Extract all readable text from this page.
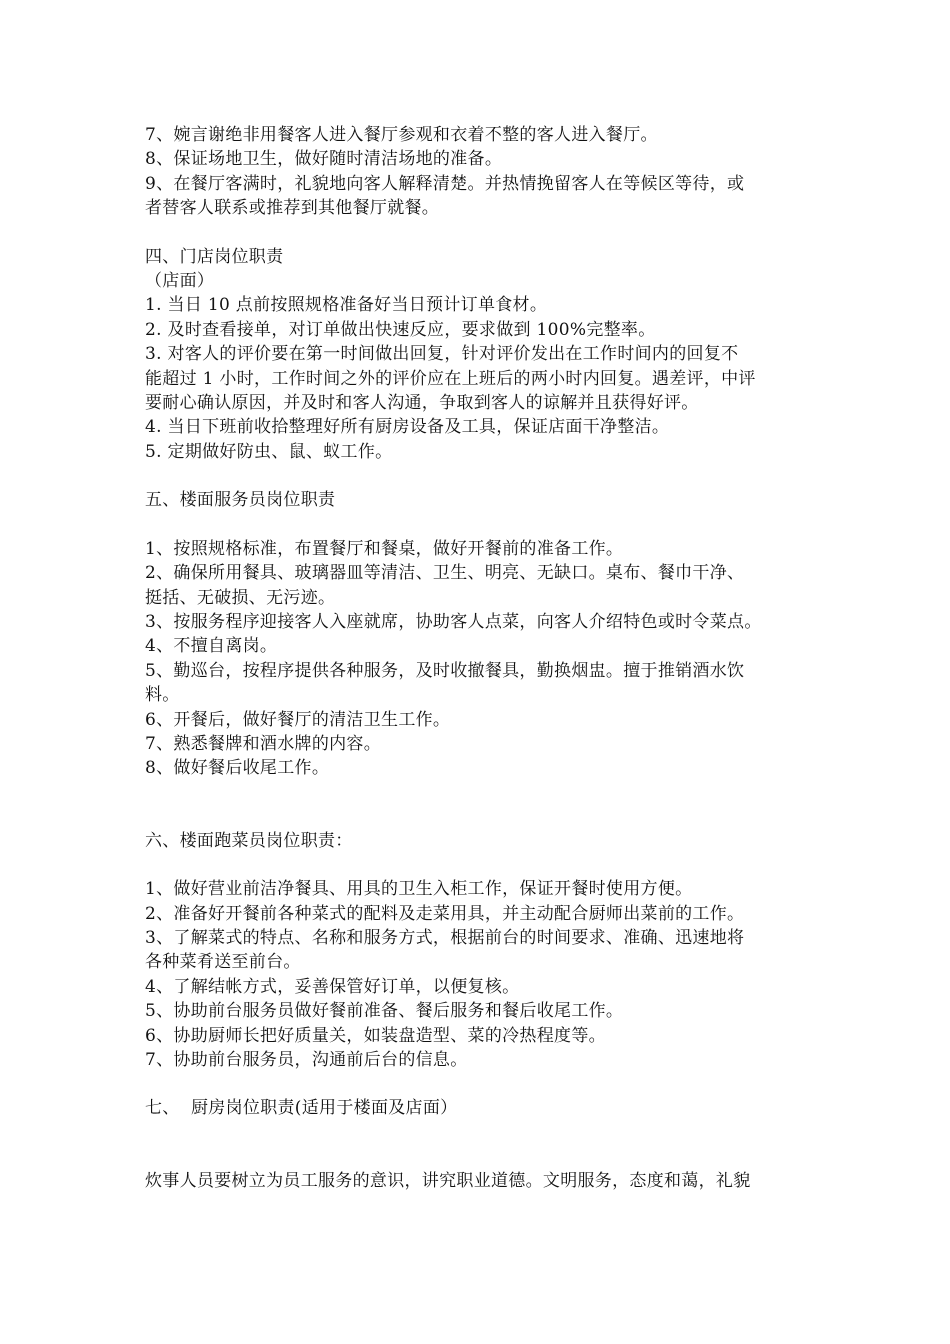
7、婉言谢绝非用餐客人进入餐厅参观和衣着不整的客人进入餐厅。
8、保证场地卫生，做好随时清洁场地的准备。
9、在餐厅客满时，礼貌地向客人解释清楚。并热情挽留客人在等候区等待，或
者替客人联系或推荐到其他餐厅就餐。
四、门店岗位职责
（店面）
1. 当日 10 点前按照规格准备好当日预计订单食材。
2. 及时查看接单，对订单做出快速反应，要求做到 100%完整率。
3. 对客人的评价要在第一时间做出回复，针对评价发出在工作时间内的回复不
能超过 1 小时，工作时间之外的评价应在上班后的两小时内回复。遇差评，中评
要耐心确认原因，并及时和客人沟通，争取到客人的谅解并且获得好评。
4. 当日下班前收拾整理好所有厨房设备及工具，保证店面干净整洁。
5. 定期做好防虫、鼠、蚁工作。
五、楼面服务员岗位职责
1、按照规格标准，布置餐厅和餐桌，做好开餐前的准备工作。
2、确保所用餐具、玻璃器皿等清洁、卫生、明亮、无缺口。桌布、餐巾干净、
挺括、无破损、无污迹。
3、按服务程序迎接客人入座就席，协助客人点菜，向客人介绍特色或时令菜点。
4、不擅自离岗。
5、勤巡台，按程序提供各种服务，及时收撤餐具，勤换烟盅。擅于推销酒水饮
料。
6、开餐后，做好餐厅的清洁卫生工作。
7、熟悉餐牌和酒水牌的内容。
8、做好餐后收尾工作。
六、楼面跑菜员岗位职责：
1、做好营业前洁净餐具、用具的卫生入柜工作，保证开餐时使用方便。
2、准备好开餐前各种菜式的配料及走菜用具，并主动配合厨师出菜前的工作。
3、了解菜式的特点、名称和服务方式，根据前台的时间要求、准确、迅速地将
各种菜肴送至前台。
4、了解结帐方式，妥善保管好订单，以便复核。
5、协助前台服务员做好餐前准备、餐后服务和餐后收尾工作。
6、协助厨师长把好质量关，如装盘造型、菜的冷热程度等。
7、协助前台服务员，沟通前后台的信息。
七、  厨房岗位职责(适用于楼面及店面）
炊事人员要树立为员工服务的意识，讲究职业道德。文明服务，态度和蔼，礼貌
